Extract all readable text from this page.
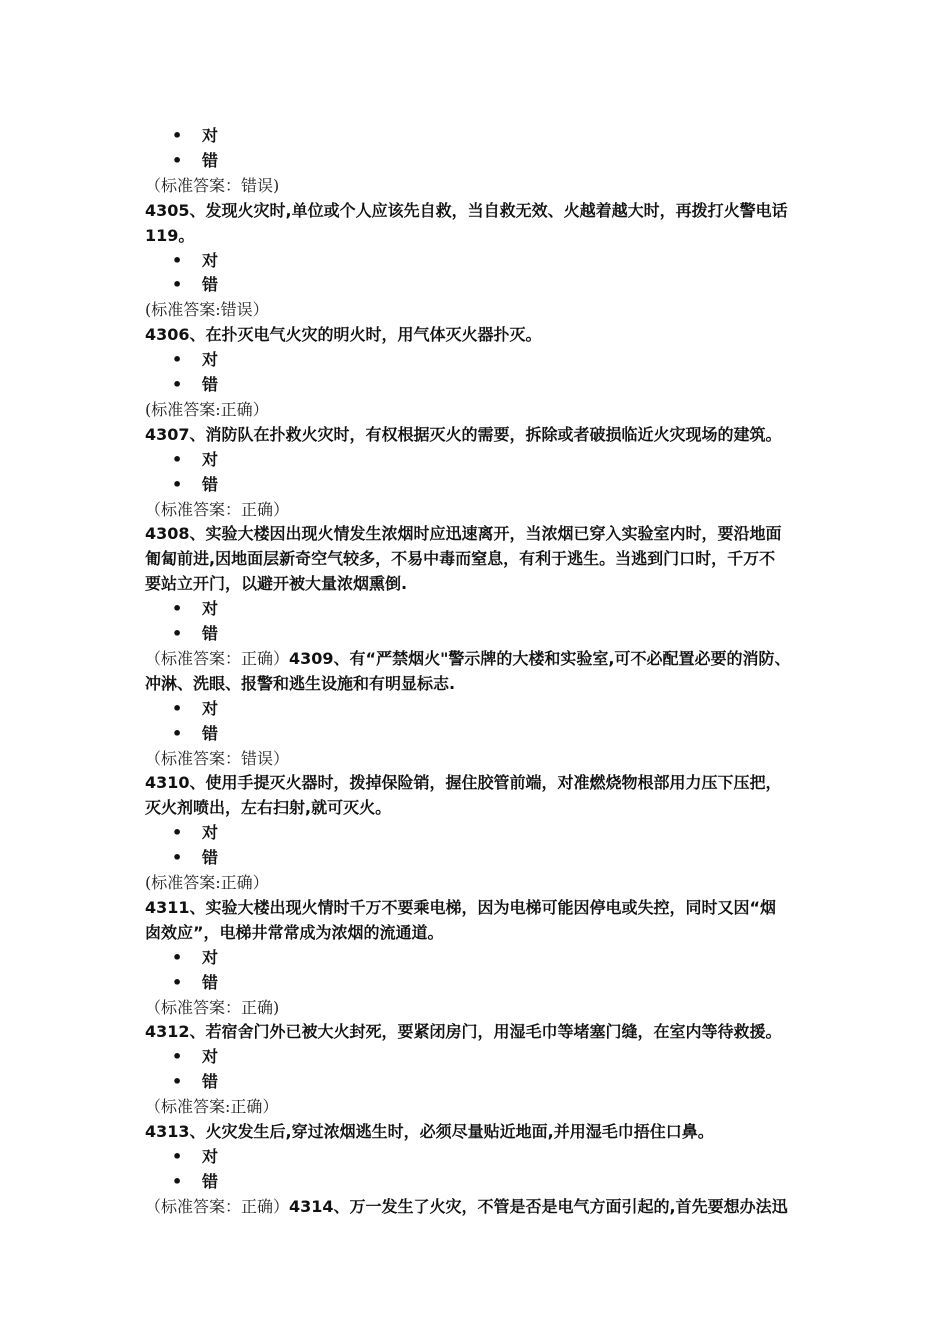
• 对
• 错
（标准答案：错误)
4305、发现火灾时,单位或个人应该先自救，当自救无效、火越着越大时，再拨打火警电话
119。
• 对
• 错
(标准答案:错误）
4306、在扑灭电气火灾的明火时，用气体灭火器扑灭。
• 对
• 错
(标准答案:正确）
4307、消防队在扑救火灾时，有权根据灭火的需要，拆除或者破损临近火灾现场的建筑。
• 对
• 错
（标准答案：正确）
4308、实验大楼因出现火情发生浓烟时应迅速离开，当浓烟已穿入实验室内时，要沿地面
匍匐前进,因地面层新奇空气较多，不易中毒而窒息，有利于逃生。当逃到门口时，千万不
要站立开门，以避开被大量浓烟熏倒.
• 对
• 错
（标准答案：正确）4309、有“严禁烟火"警示牌的大楼和实验室,可不必配置必要的消防、
冲淋、洗眼、报警和逃生设施和有明显标志.
• 对
• 错
（标准答案：错误）
4310、使用手提灭火器时，拨掉保险销，握住胶管前端，对准燃烧物根部用力压下压把，
灭火剂喷出，左右扫射,就可灭火。
• 对
• 错
(标准答案:正确）
4311、实验大楼出现火情时千万不要乘电梯，因为电梯可能因停电或失控，同时又因“烟
囱效应”，电梯井常常成为浓烟的流通道。
• 对
• 错
（标准答案：正确)
4312、若宿舍门外已被大火封死，要紧闭房门，用湿毛巾等堵塞门缝，在室内等待救援。
• 对
• 错
（标准答案:正确）
4313、火灾发生后,穿过浓烟逃生时，必须尽量贴近地面,并用湿毛巾捂住口鼻。
• 对
• 错
（标准答案：正确）4314、万一发生了火灾，不管是否是电气方面引起的,首先要想办法迅
